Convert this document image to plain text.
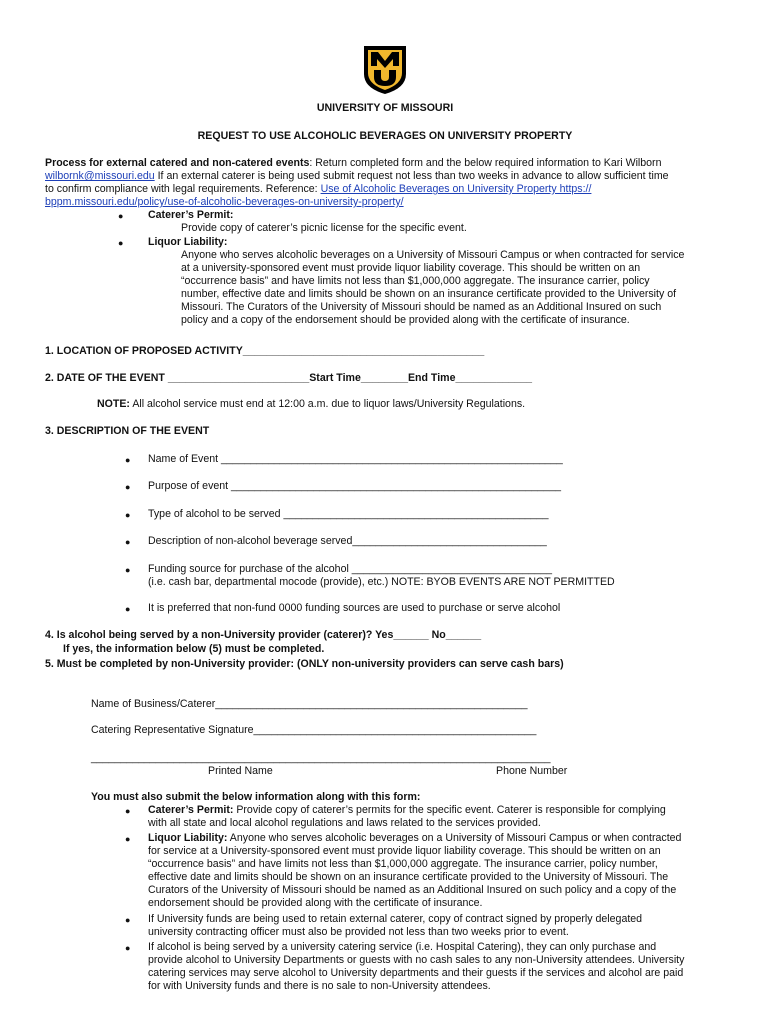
UNIVERSITY OF MISSOURI
REQUEST TO USE ALCOHOLIC BEVERAGES ON UNIVERSITY PROPERTY
Process for external catered and non-catered events: Return completed form and the below required information to Kari Wilborn
wilbornk@missouri.edu If an external caterer is being used submit request not less than two weeks in advance to allow sufficient time
to confirm compliance with legal requirements. Reference: Use of Alcoholic Beverages on University Property https://
bppm.missouri.edu/policy/use-of-alcoholic-beverages-on-university-property/
● Caterer’s Permit:
Provide copy of caterer’s picnic license for the specific event.
● Liquor Liability:
Anyone who serves alcoholic beverages on a University of Missouri Campus or when contracted for service
at a university-sponsored event must provide liquor liability coverage. This should be written on an
“occurrence basis” and have limits not less than $1,000,000 aggregate. The insurance carrier, policy
number, effective date and limits should be shown on an insurance certificate provided to the University of
Missouri. The Curators of the University of Missouri should be named as an Additional Insured on such
policy and a copy of the endorsement should be provided along with the certificate of insurance.
1. LOCATION OF PROPOSED ACTIVITY_________________________________________
2. DATE OF THE EVENT ________________________Start Time________End Time_____________
NOTE: All alcohol service must end at 12:00 a.m. due to liquor laws/University Regulations.
3. DESCRIPTION OF THE EVENT
● Name of Event __________________________________________________________
● Purpose of event ________________________________________________________
● Type of alcohol to be served _____________________________________________
● Description of non-alcohol beverage served_________________________________
● Funding source for purchase of the alcohol __________________________________
(i.e. cash bar, departmental mocode (provide), etc.) NOTE: BYOB EVENTS ARE NOT PERMITTED
● It is preferred that non-fund 0000 funding sources are used to purchase or serve alcohol
4. Is alcohol being served by a non-University provider (caterer)? Yes______ No______
If yes, the information below (5) must be completed.
5. Must be completed by non-University provider: (ONLY non-university providers can serve cash bars)
Name of Business/Caterer_____________________________________________________
Catering Representative Signature________________________________________________
______________________________________________________________________________
Printed Name	Phone Number
You must also submit the below information along with this form:
● Caterer’s Permit: Provide copy of caterer’s permits for the specific event. Caterer is responsible for complying
with all state and local alcohol regulations and laws related to the services provided.
● Liquor Liability: Anyone who serves alcoholic beverages on a University of Missouri Campus or when contracted
for service at a University-sponsored event must provide liquor liability coverage. This should be written on an
“occurrence basis” and have limits not less than $1,000,000 aggregate. The insurance carrier, policy number,
effective date and limits should be shown on an insurance certificate provided to the University of Missouri. The
Curators of the University of Missouri should be named as an Additional Insured on such policy and a copy of the
endorsement should be provided along with the certificate of insurance.
● If University funds are being used to retain external caterer, copy of contract signed by properly delegated
university contracting officer must also be provided not less than two weeks prior to event.
● If alcohol is being served by a university catering service (i.e. Hospital Catering), they can only purchase and
provide alcohol to University Departments or guests with no cash sales to any non-University attendees. University
catering services may serve alcohol to University departments and their guests if the services and alcohol are paid
for with University funds and there is no sale to non-University attendees.
